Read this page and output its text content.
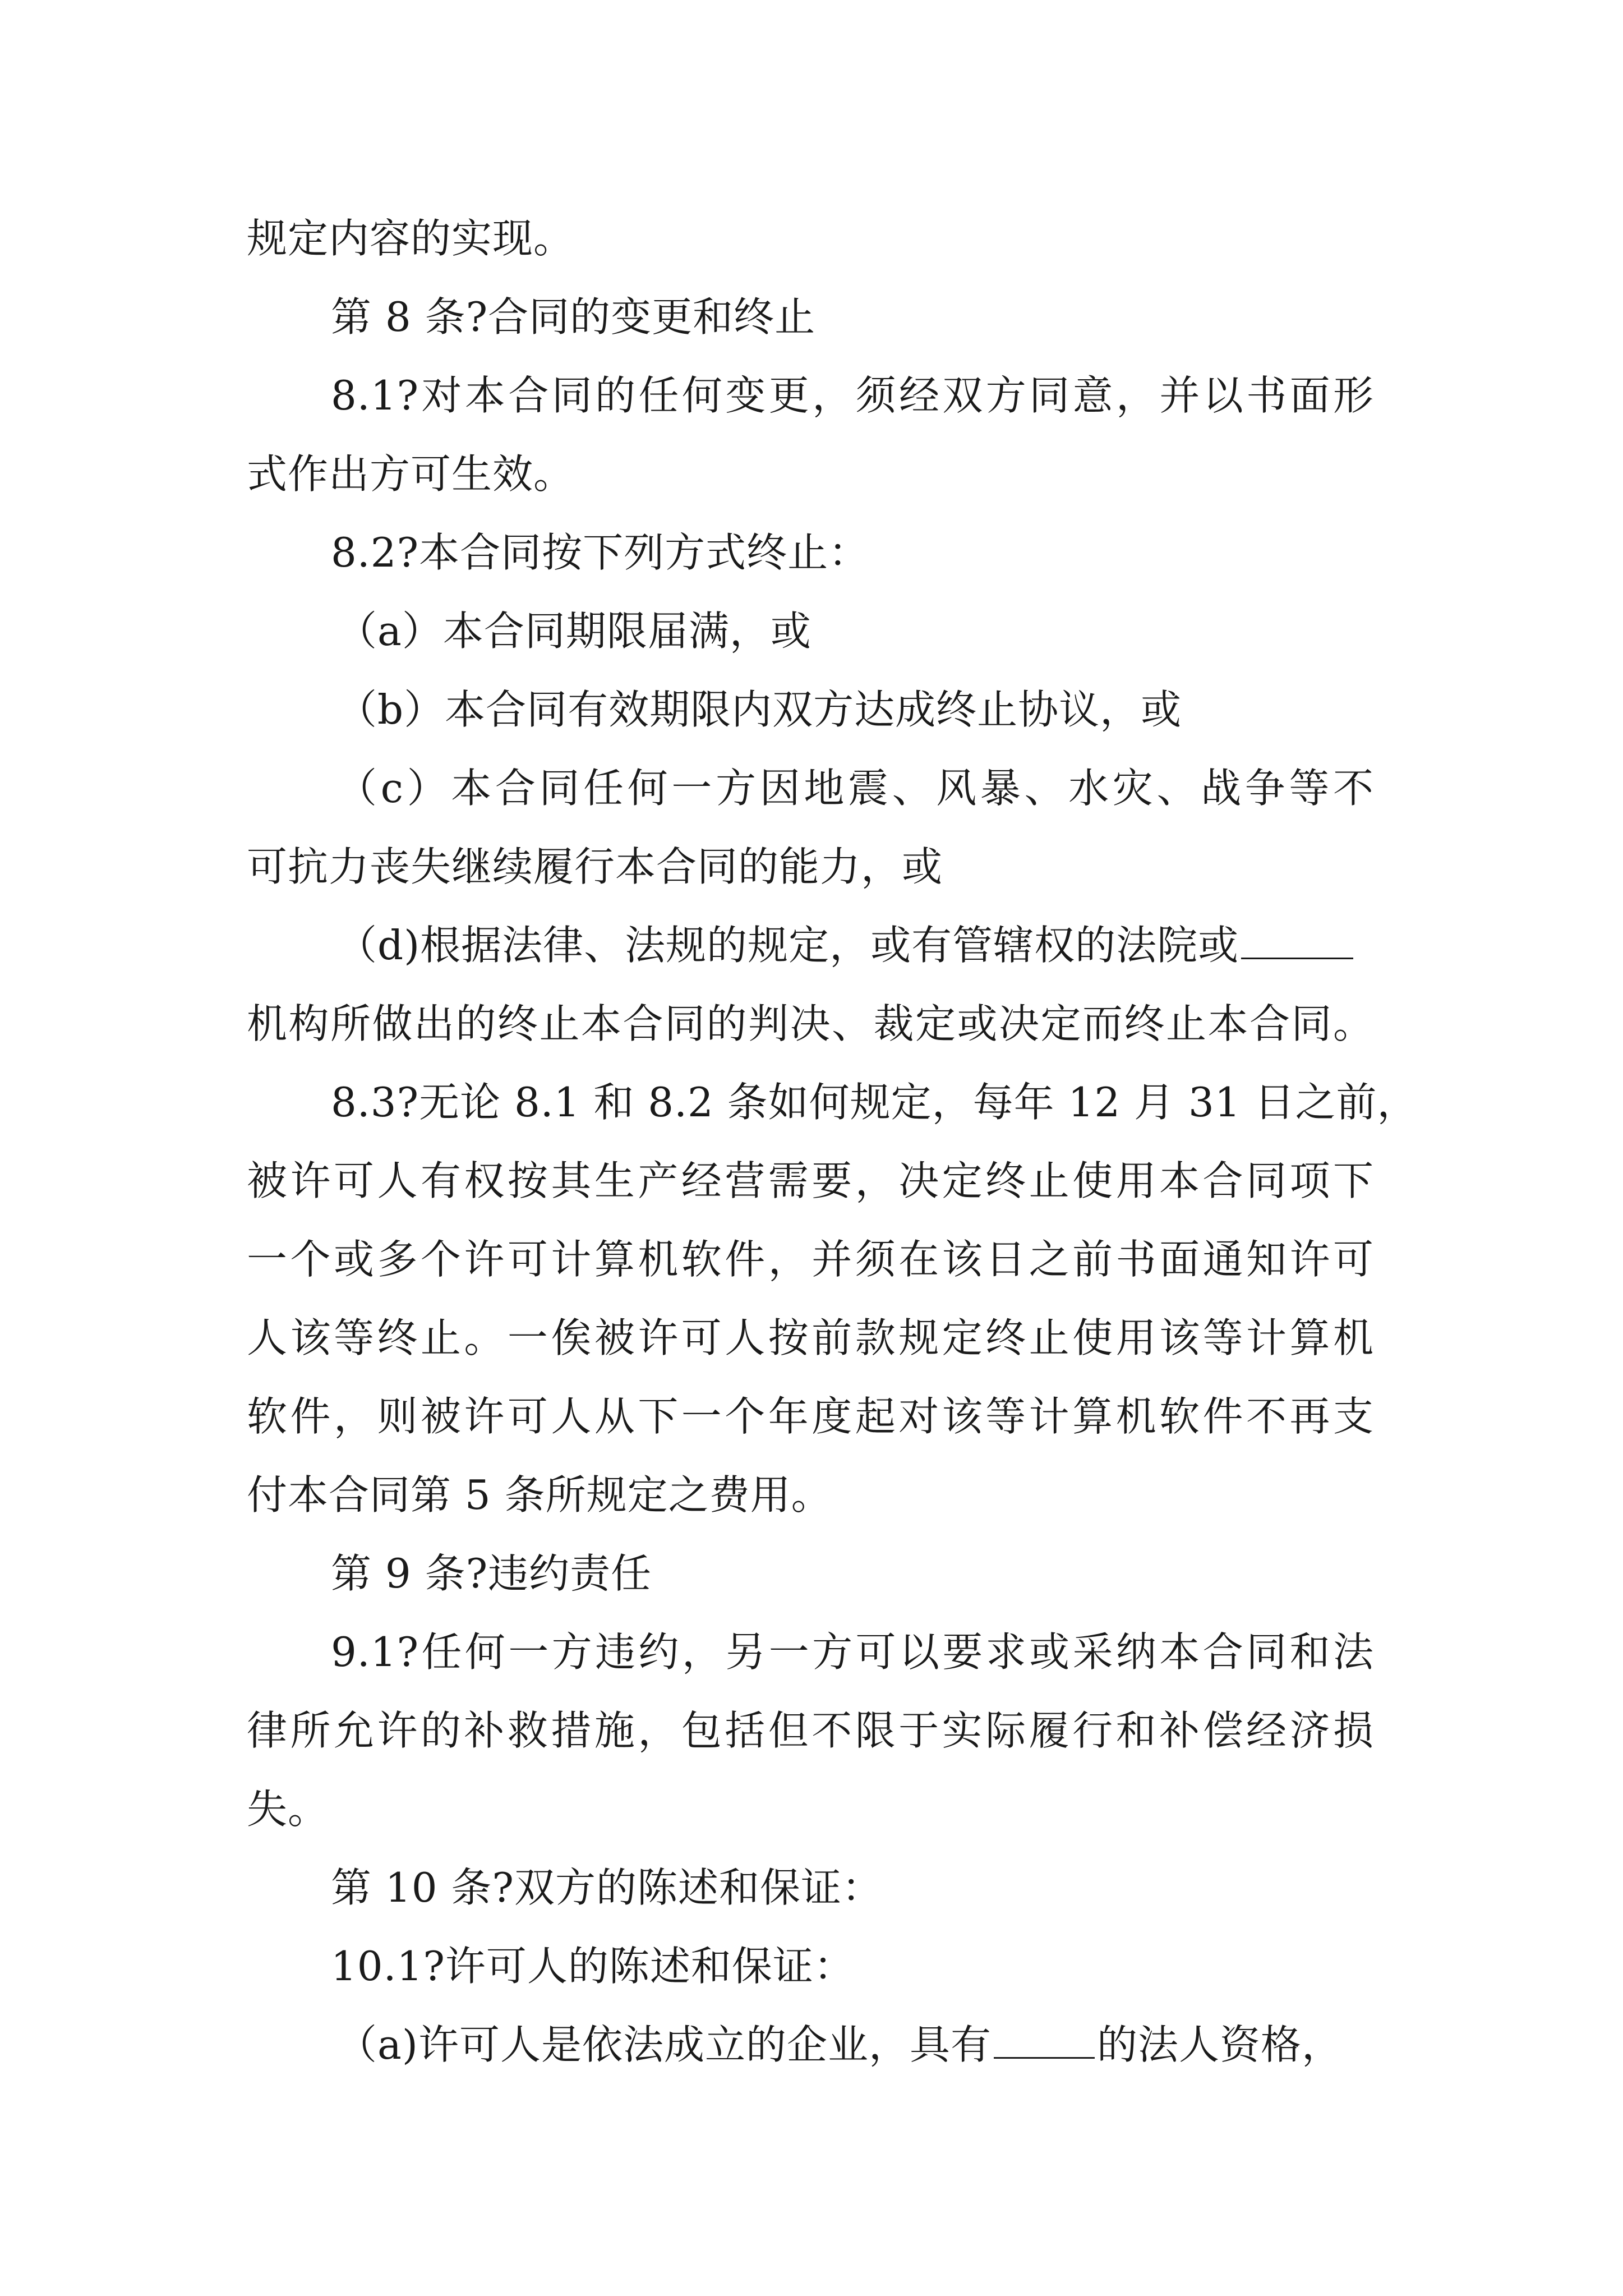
规定内容的实现。
第 8 条?合同的变更和终止
8.1?对本合同的任何变更，须经双方同意，并以书面形
式作出方可生效。
8.2?本合同按下列方式终止：
（a）本合同期限届满，或
（b）本合同有效期限内双方达成终止协议，或
（c）本合同任何一方因地震、风暴、水灾、战争等不
可抗力丧失继续履行本合同的能力，或
（d)根据法律、法规的规定，或有管辖权的法院或
机构所做出的终止本合同的判决、裁定或决定而终止本合同。
8.3?无论 8.1 和 8.2 条如何规定，每年 12 月 31 日之前，
被许可人有权按其生产经营需要，决定终止使用本合同项下
一个或多个许可计算机软件，并须在该日之前书面通知许可
人该等终止。一俟被许可人按前款规定终止使用该等计算机
软件，则被许可人从下一个年度起对该等计算机软件不再支
付本合同第 5 条所规定之费用。
第 9 条?违约责任
9.1?任何一方违约，另一方可以要求或采纳本合同和法
律所允许的补救措施，包括但不限于实际履行和补偿经济损
失。
第 10 条?双方的陈述和保证：
10.1?许可人的陈述和保证：
（a)许可人是依法成立的企业，具有	的法人资格，
